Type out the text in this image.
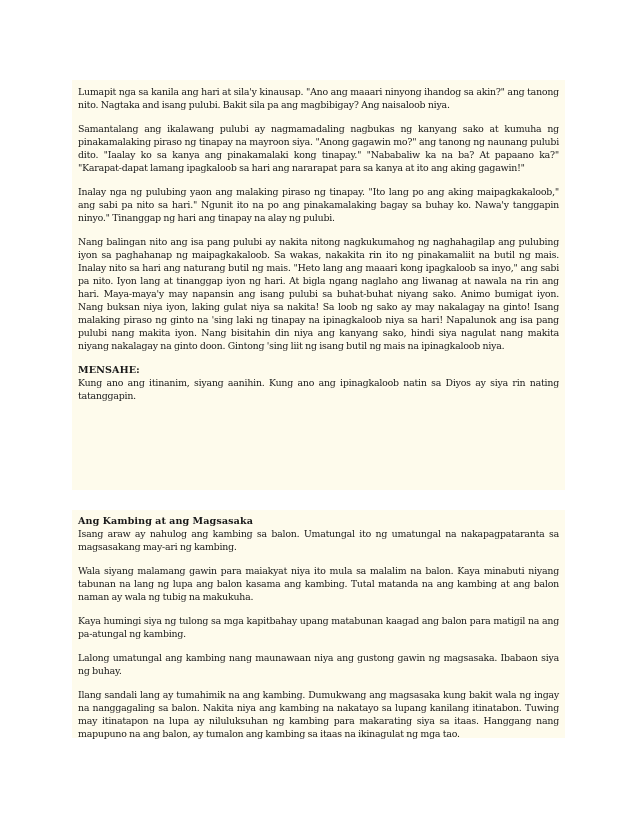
Lumapit nga sa kanila ang hari at sila'y kinausap. "Ano ang maaari ninyong ihandog sa akin?" ang tanong nito. Nagtaka and isang pulubi. Bakit sila pa ang magbibigay? Ang naisaloob niya.

Samantalang ang ikalawang pulubi ay nagmamadaling nagbukas ng kanyang sako at kumuha ng pinakamalaking piraso ng tinapay na mayroon siya. "Anong gagawin mo?" ang tanong ng naunang pulubi dito. "Iaalay ko sa kanya ang pinakamalaki kong tinapay." "Nababaliw ka na ba? At papaano ka?" "Karapat-dapat lamang ipagkaloob sa hari ang nararapat para sa kanya at ito ang aking gagawin!"

Inalay nga ng pulubing yaon ang malaking piraso ng tinapay. "Ito lang po ang aking maipagkakaloob," ang sabi pa nito sa hari." Ngunit ito na po ang pinakamalaking bagay sa buhay ko. Nawa'y tanggapin ninyo." Tinanggap ng hari ang tinapay na alay ng pulubi.

Nang balingan nito ang isa pang pulubi ay nakita nitong nagkukumahog ng naghahagilap ang pulubing iyon sa paghahanap ng maipagkakaloob. Sa wakas, nakakita rin ito ng pinakamaliit na butil ng mais. Inalay nito sa hari ang naturang butil ng mais. "Heto lang ang maaari kong ipagkaloob sa inyo," ang sabi pa nito. Iyon lang at tinanggap iyon ng hari. At bigla ngang naglaho ang liwanag at nawala na rin ang hari. Maya-maya'y may napansin ang isang pulubi sa buhat-buhat niyang sako. Animo bumigat iyon. Nang buksan niya iyon, laking gulat niya sa nakita! Sa loob ng sako ay may nakalagay na ginto! Isang malaking piraso ng ginto na 'sing laki ng tinapay na ipinagkaloob niya sa hari! Napalunok ang isa pang pulubi nang makita iyon. Nang bisitahin din niya ang kanyang sako, hindi siya nagulat nang makita niyang nakalagay na ginto doon. Gintong 'sing liit ng isang butil ng mais na ipinagkaloob niya.

MENSAHE:

Kung ano ang itinanim, siyang aanihin. Kung ano ang ipinagkaloob natin sa Diyos ay siya rin nating tatanggapin.

Ang Kambing at ang Magsasaka

Isang araw ay nahulog ang kambing sa balon. Umatungal ito ng umatungal na nakapagpataranta sa magsasakang may-ari ng kambing.

Wala siyang malamang gawin para maiakyat niya ito mula sa malalim na balon. Kaya minabuti niyang tabunan na lang ng lupa ang balon kasama ang kambing. Tutal matanda na ang kambing at ang balon naman ay wala ng tubig na makukuha.

Kaya humingi siya ng tulong sa mga kapitbahay upang matabunan kaagad ang balon para matigil na ang pa-atungal ng kambing.

Lalong umatungal ang kambing nang maunawaan niya ang gustong gawin ng magsasaka. Ibabaon siya ng buhay.

Ilang sandali lang ay tumahimik na ang kambing. Dumukwang ang magsasaka kung bakit wala ng ingay na nanggagaling sa balon. Nakita niya ang kambing na nakatayo sa lupang kanilang itinatabon. Tuwing may itinatapon na lupa ay niluluksuhan ng kambing para makarating siya sa itaas. Hanggang nang mapupuno na ang balon, ay tumalon ang kambing sa itaas na ikinagulat ng mga tao.
